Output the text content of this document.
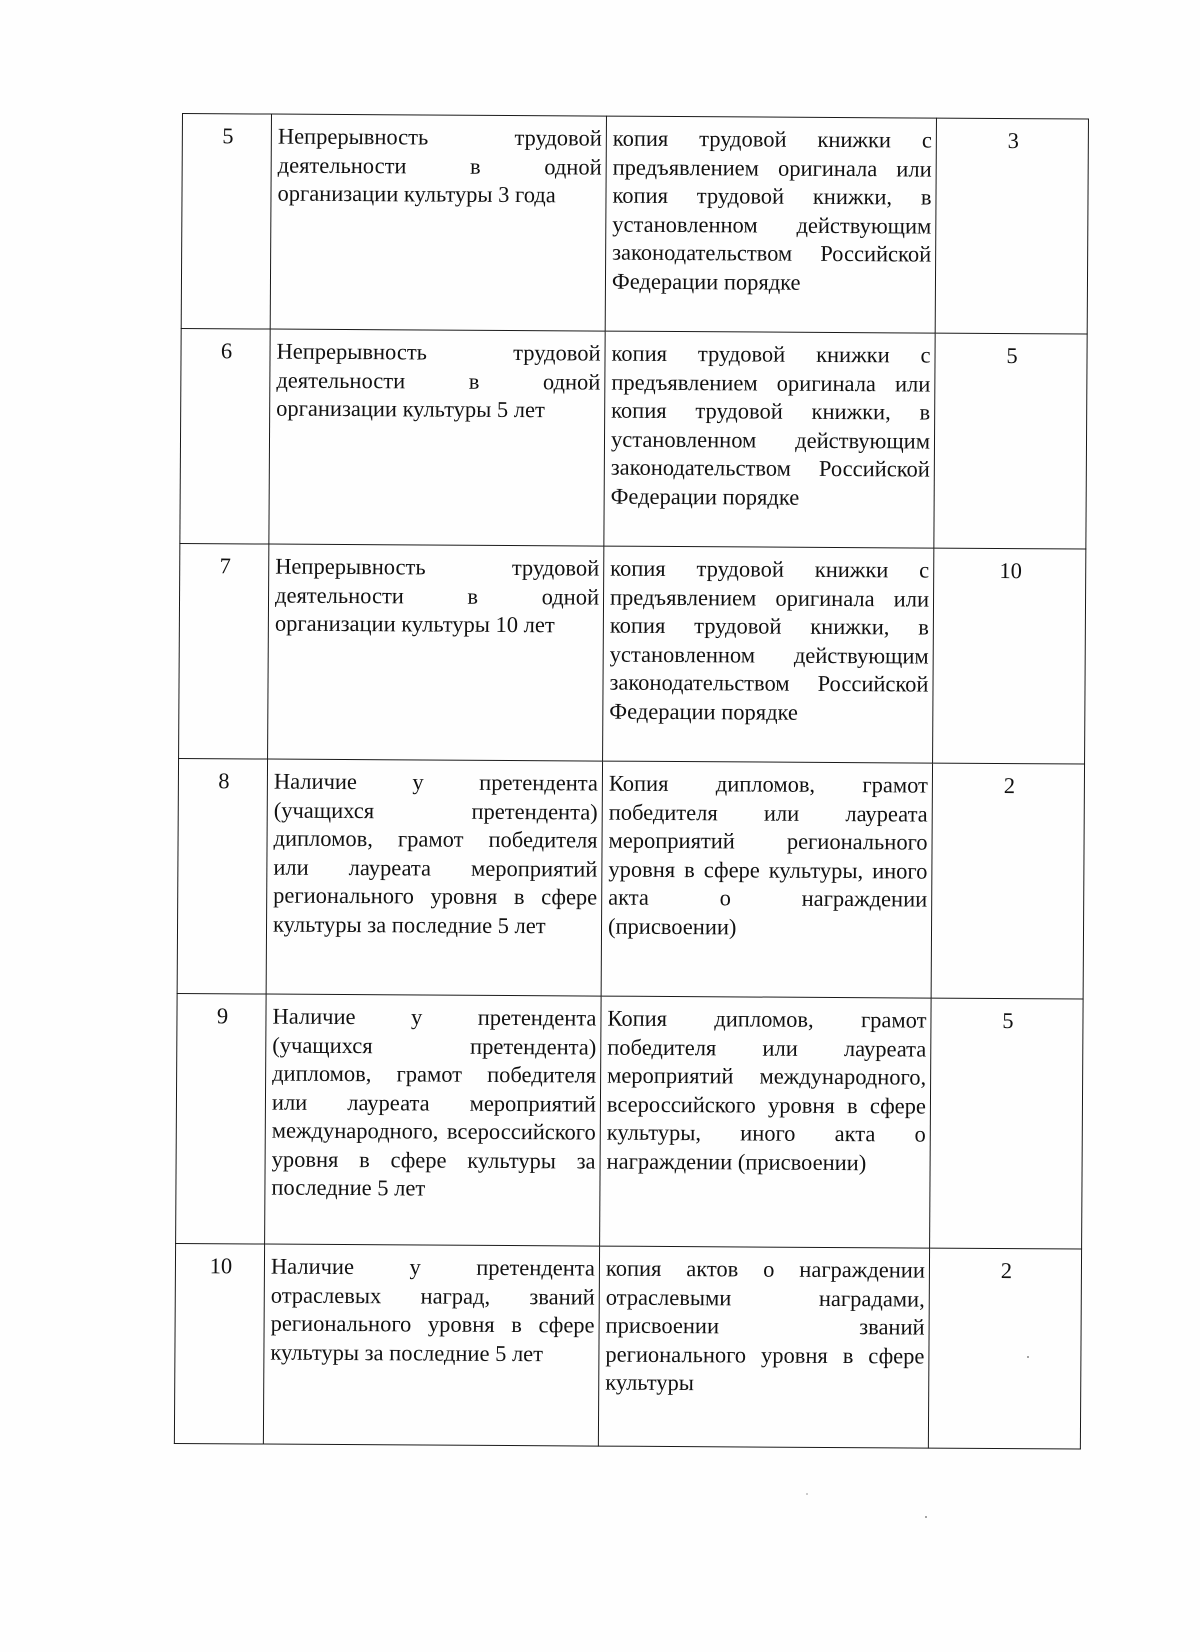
5	Непрерывность трудовой деятельности в одной организации культуры 3 года	копия трудовой книжки с предъявлением оригинала или копия трудовой книжки, в установленном действующим законодательством Российской Федерации порядке	3
6	Непрерывность трудовой деятельности в одной организации культуры 5 лет	копия трудовой книжки с предъявлением оригинала или копия трудовой книжки, в установленном действующим законодательством Российской Федерации порядке	5
7	Непрерывность трудовой деятельности в одной организации культуры 10 лет	копия трудовой книжки с предъявлением оригинала или копия трудовой книжки, в установленном действующим законодательством Российской Федерации порядке	10
8	Наличие у претендента (учащихся претендента) дипломов, грамот победителя или лауреата мероприятий регионального уровня в сфере культуры за последние 5 лет	Копия дипломов, грамот победителя или лауреата мероприятий регионального уровня в сфере культуры, иного акта о награждении (присвоении)	2
9	Наличие у претендента (учащихся претендента) дипломов, грамот победителя или лауреата мероприятий международного, всероссийского уровня в сфере культуры за последние 5 лет	Копия дипломов, грамот победителя или лауреата мероприятий международного, всероссийского уровня в сфере культуры, иного акта о награждении (присвоении)	5
10	Наличие у претендента отраслевых наград, званий регионального уровня в сфере культуры за последние 5 лет	копия актов о награждении отраслевыми наградами, присвоении званий регионального уровня в сфере культуры	2
